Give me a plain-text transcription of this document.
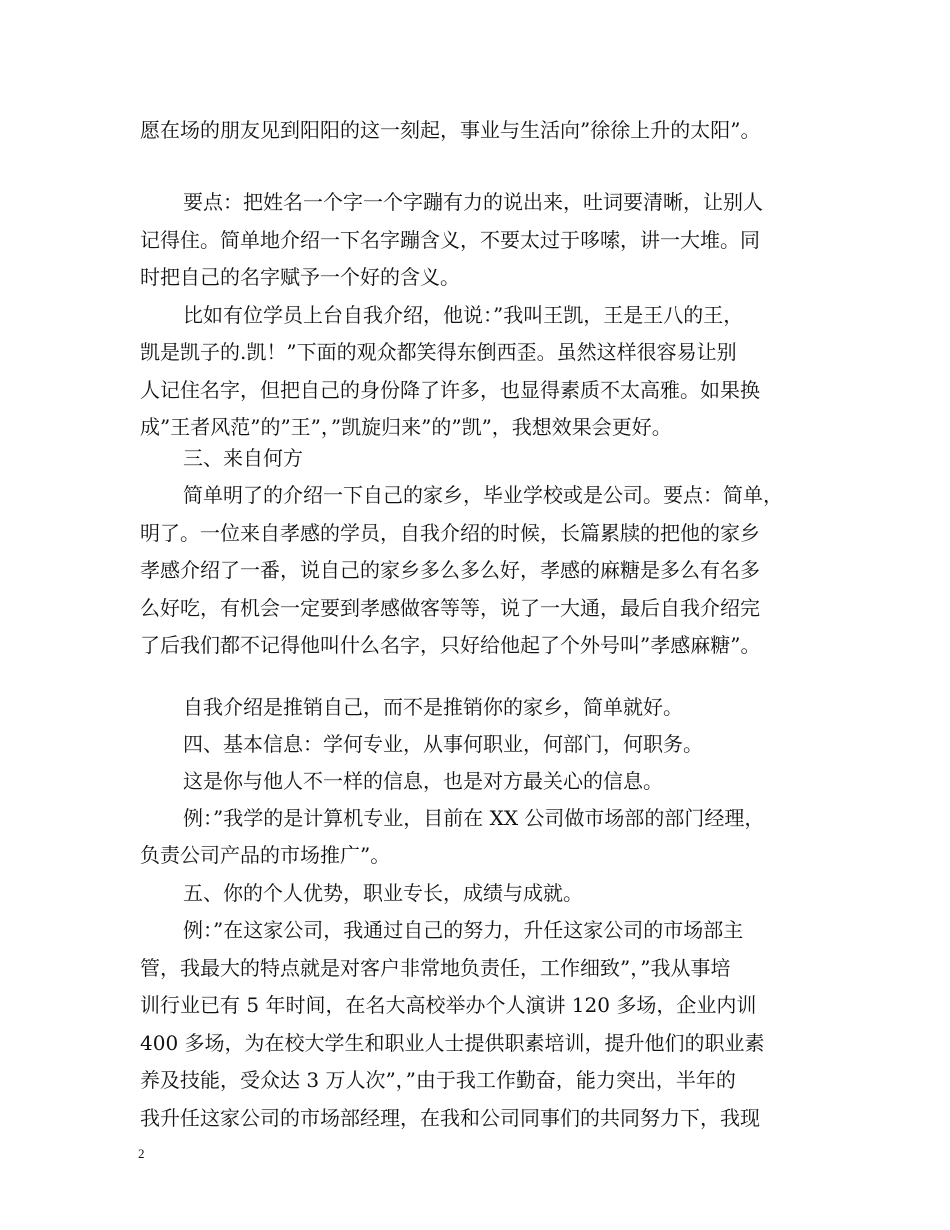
愿在场的朋友见到阳阳的这一刻起，事业与生活向”徐徐上升的太阳”。
要点：把姓名一个字一个字蹦有力的说出来，吐词要清晰，让别人
记得住。简单地介绍一下名字蹦含义，不要太过于哆嗦，讲一大堆。同
时把自己的名字赋予一个好的含义。
比如有位学员上台自我介绍，他说：”我叫王凯，王是王八的王，
凯是凯子的.凯！”下面的观众都笑得东倒西歪。虽然这样很容易让别
人记住名字，但把自己的身份降了许多，也显得素质不太高雅。如果换
成”王者风范”的”王”，”凯旋归来”的”凯”，我想效果会更好。
三、来自何方
简单明了的介绍一下自己的家乡，毕业学校或是公司。要点：简单，
明了。一位来自孝感的学员，自我介绍的时候，长篇累牍的把他的家乡
孝感介绍了一番，说自己的家乡多么多么好，孝感的麻糖是多么有名多
么好吃，有机会一定要到孝感做客等等，说了一大通，最后自我介绍完
了后我们都不记得他叫什么名字，只好给他起了个外号叫”孝感麻糖”。
自我介绍是推销自己，而不是推销你的家乡，简单就好。
四、基本信息：学何专业，从事何职业，何部门，何职务。
这是你与他人不一样的信息，也是对方最关心的信息。
例：”我学的是计算机专业，目前在 XX 公司做市场部的部门经理，
负责公司产品的市场推广”。
五、你的个人优势，职业专长，成绩与成就。
例：”在这家公司，我通过自己的努力，升任这家公司的市场部主
管，我最大的特点就是对客户非常地负责任，工作细致”，”我从事培
训行业已有 5 年时间，在名大高校举办个人演讲 120 多场，企业内训
400 多场，为在校大学生和职业人士提供职素培训，提升他们的职业素
养及技能，受众达 3 万人次”，”由于我工作勤奋，能力突出，半年的
我升任这家公司的市场部经理，在我和公司同事们的共同努力下，我现
2
